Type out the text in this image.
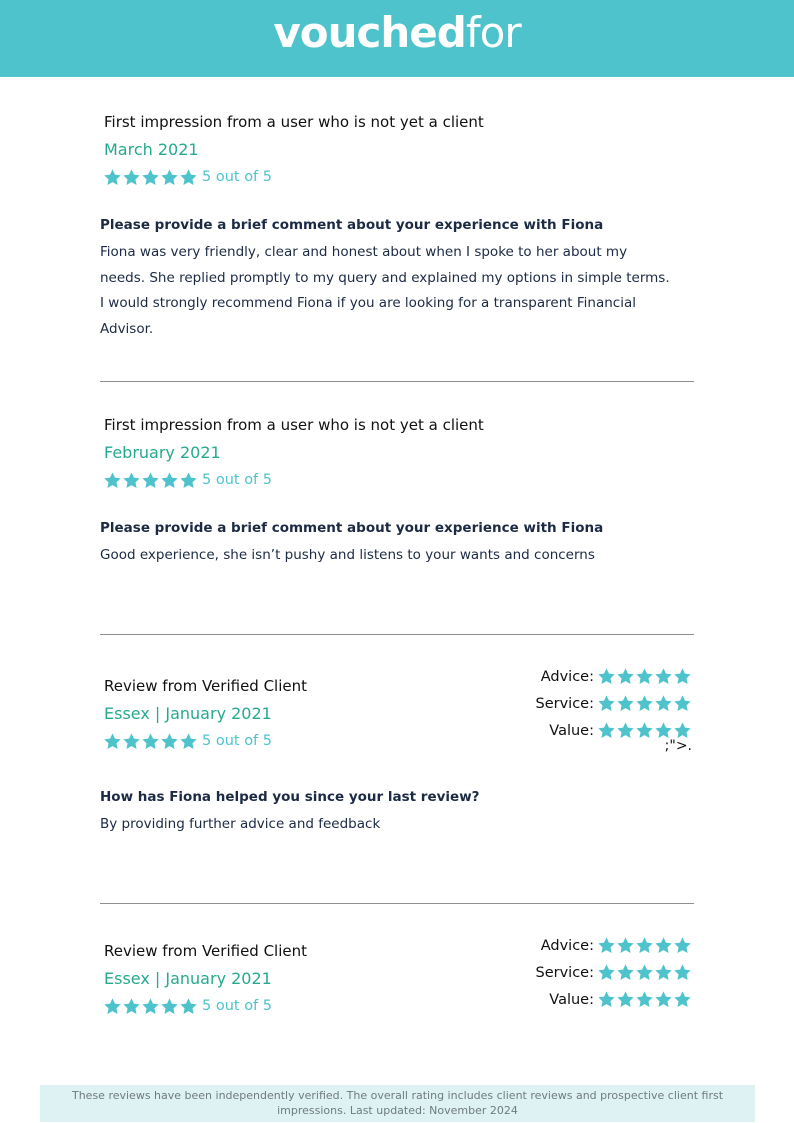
vouchedfor
First impression from a user who is not yet a client
March 2021
5 out of 5
Please provide a brief comment about your experience with Fiona
Fiona was very friendly, clear and honest about when I spoke to her about my needs. She replied promptly to my query and explained my options in simple terms. I would strongly recommend Fiona if you are looking for a transparent Financial Advisor.
First impression from a user who is not yet a client
February 2021
5 out of 5
Please provide a brief comment about your experience with Fiona
Good experience, she isn’t pushy and listens to your wants and concerns
Review from Verified Client
Essex | January 2021
5 out of 5
Advice:
Service:
Value:
;">.
How has Fiona helped you since your last review?
By providing further advice and feedback
Review from Verified Client
Essex | January 2021
5 out of 5
Advice:
Service:
Value:
These reviews have been independently verified. The overall rating includes client reviews and prospective client first impressions. Last updated: November 2024
